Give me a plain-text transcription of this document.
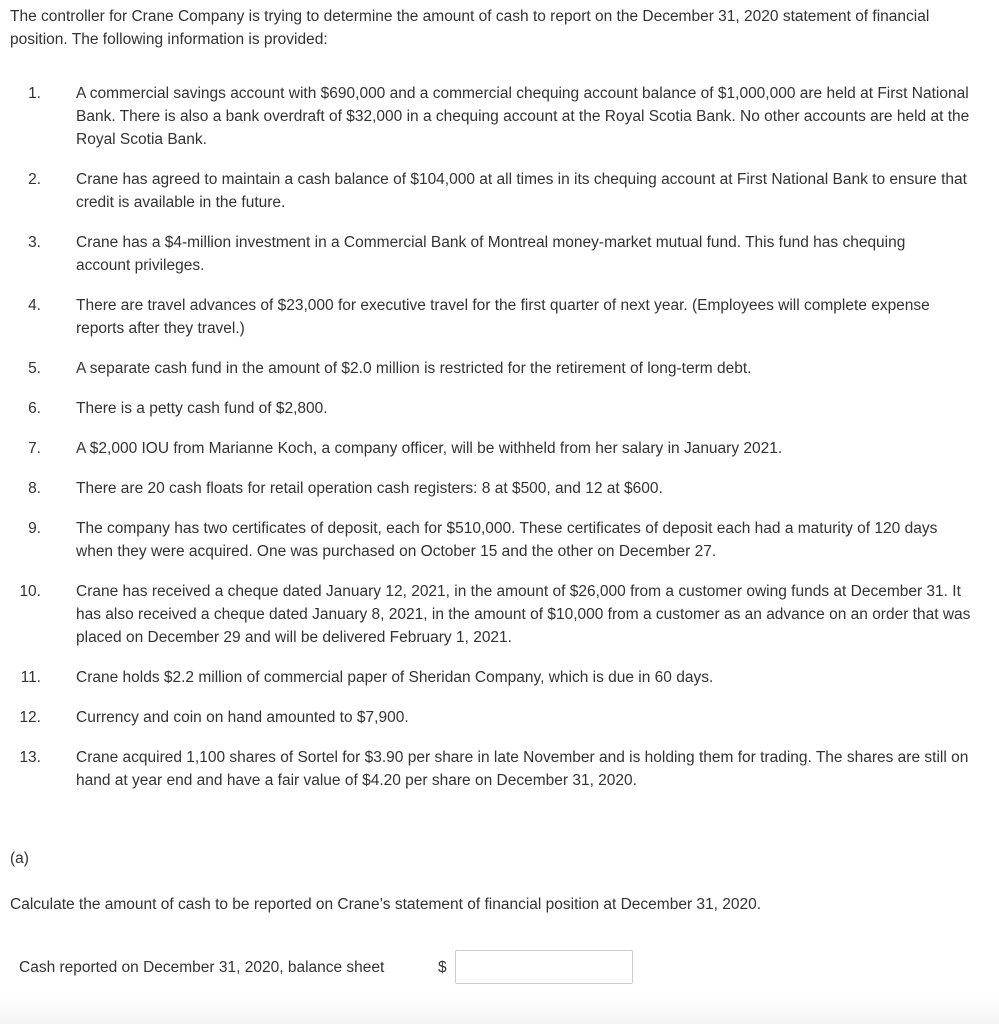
The controller for Crane Company is trying to determine the amount of cash to report on the December 31, 2020 statement of financial position. The following information is provided:

1. A commercial savings account with $690,000 and a commercial chequing account balance of $1,000,000 are held at First National Bank. There is also a bank overdraft of $32,000 in a chequing account at the Royal Scotia Bank. No other accounts are held at the Royal Scotia Bank.
2. Crane has agreed to maintain a cash balance of $104,000 at all times in its chequing account at First National Bank to ensure that credit is available in the future.
3. Crane has a $4-million investment in a Commercial Bank of Montreal money-market mutual fund. This fund has chequing account privileges.
4. There are travel advances of $23,000 for executive travel for the first quarter of next year. (Employees will complete expense reports after they travel.)
5. A separate cash fund in the amount of $2.0 million is restricted for the retirement of long-term debt.
6. There is a petty cash fund of $2,800.
7. A $2,000 IOU from Marianne Koch, a company officer, will be withheld from her salary in January 2021.
8. There are 20 cash floats for retail operation cash registers: 8 at $500, and 12 at $600.
9. The company has two certificates of deposit, each for $510,000. These certificates of deposit each had a maturity of 120 days when they were acquired. One was purchased on October 15 and the other on December 27.
10. Crane has received a cheque dated January 12, 2021, in the amount of $26,000 from a customer owing funds at December 31. It has also received a cheque dated January 8, 2021, in the amount of $10,000 from a customer as an advance on an order that was placed on December 29 and will be delivered February 1, 2021.
11. Crane holds $2.2 million of commercial paper of Sheridan Company, which is due in 60 days.
12. Currency and coin on hand amounted to $7,900.
13. Crane acquired 1,100 shares of Sortel for $3.90 per share in late November and is holding them for trading. The shares are still on hand at year end and have a fair value of $4.20 per share on December 31, 2020.
(a)
Calculate the amount of cash to be reported on Crane’s statement of financial position at December 31, 2020.
Cash reported on December 31, 2020, balance sheet	$
